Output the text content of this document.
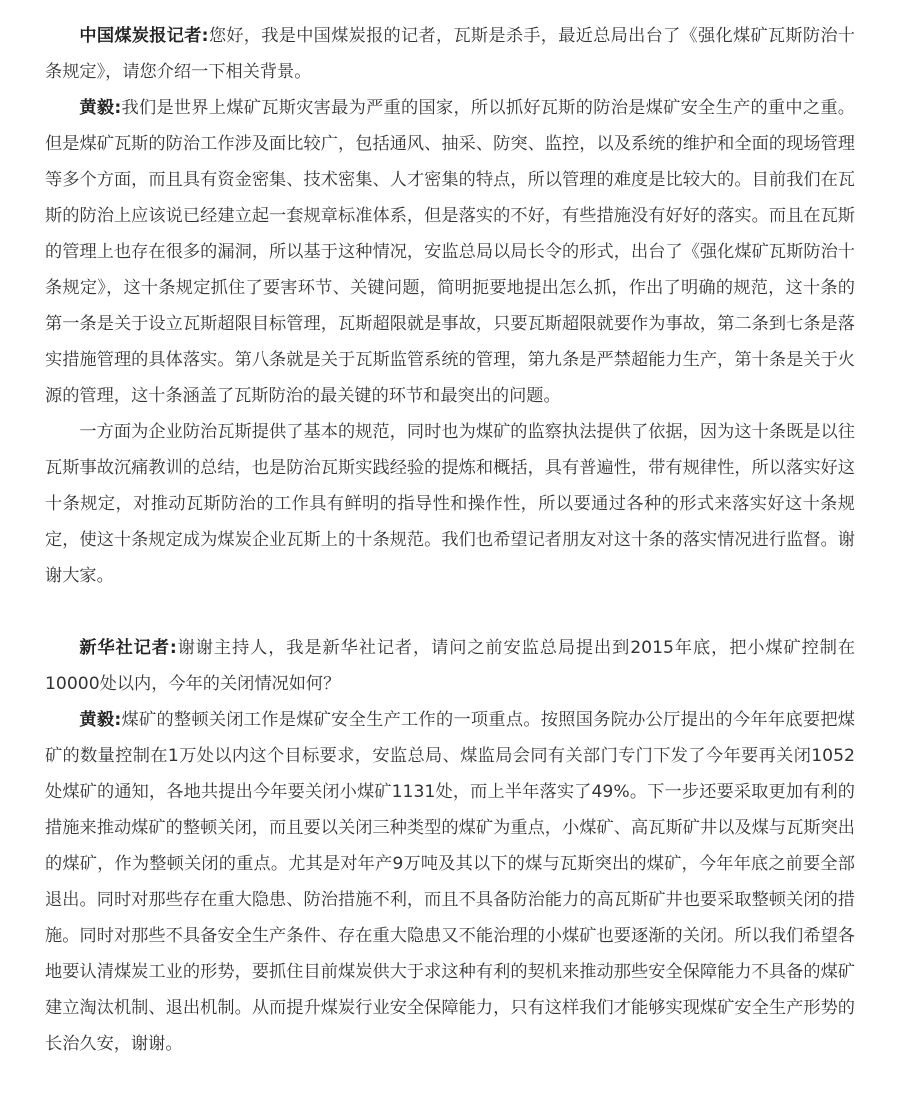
中国煤炭报记者:您好，我是中国煤炭报的记者，瓦斯是杀手，最近总局出台了《强化煤矿瓦斯防治十条规定》，请您介绍一下相关背景。

黄毅:我们是世界上煤矿瓦斯灾害最为严重的国家，所以抓好瓦斯的防治是煤矿安全生产的重中之重。但是煤矿瓦斯的防治工作涉及面比较广，包括通风、抽采、防突、监控，以及系统的维护和全面的现场管理等多个方面，而且具有资金密集、技术密集、人才密集的特点，所以管理的难度是比较大的。目前我们在瓦斯的防治上应该说已经建立起一套规章标准体系，但是落实的不好，有些措施没有好好的落实。而且在瓦斯的管理上也存在很多的漏洞，所以基于这种情况，安监总局以局长令的形式，出台了《强化煤矿瓦斯防治十条规定》，这十条规定抓住了要害环节、关键问题，简明扼要地提出怎么抓，作出了明确的规范，这十条的第一条是关于设立瓦斯超限目标管理，瓦斯超限就是事故，只要瓦斯超限就要作为事故，第二条到七条是落实措施管理的具体落实。第八条就是关于瓦斯监管系统的管理，第九条是严禁超能力生产，第十条是关于火源的管理，这十条涵盖了瓦斯防治的最关键的环节和最突出的问题。

一方面为企业防治瓦斯提供了基本的规范，同时也为煤矿的监察执法提供了依据，因为这十条既是以往瓦斯事故沉痛教训的总结，也是防治瓦斯实践经验的提炼和概括，具有普遍性，带有规律性，所以落实好这十条规定，对推动瓦斯防治的工作具有鲜明的指导性和操作性，所以要通过各种的形式来落实好这十条规定，使这十条规定成为煤炭企业瓦斯上的十条规范。我们也希望记者朋友对这十条的落实情况进行监督。谢谢大家。

新华社记者:谢谢主持人，我是新华社记者，请问之前安监总局提出到2015年底，把小煤矿控制在10000处以内，今年的关闭情况如何？

黄毅:煤矿的整顿关闭工作是煤矿安全生产工作的一项重点。按照国务院办公厅提出的今年年底要把煤矿的数量控制在1万处以内这个目标要求，安监总局、煤监局会同有关部门专门下发了今年要再关闭1052处煤矿的通知，各地共提出今年要关闭小煤矿1131处，而上半年落实了49%。下一步还要采取更加有利的措施来推动煤矿的整顿关闭，而且要以关闭三种类型的煤矿为重点，小煤矿、高瓦斯矿井以及煤与瓦斯突出的煤矿，作为整顿关闭的重点。尤其是对年产9万吨及其以下的煤与瓦斯突出的煤矿，今年年底之前要全部退出。同时对那些存在重大隐患、防治措施不利，而且不具备防治能力的高瓦斯矿井也要采取整顿关闭的措施。同时对那些不具备安全生产条件、存在重大隐患又不能治理的小煤矿也要逐渐的关闭。所以我们希望各地要认清煤炭工业的形势，要抓住目前煤炭供大于求这种有利的契机来推动那些安全保障能力不具备的煤矿建立淘汰机制、退出机制。从而提升煤炭行业安全保障能力，只有这样我们才能够实现煤矿安全生产形势的长治久安，谢谢。
